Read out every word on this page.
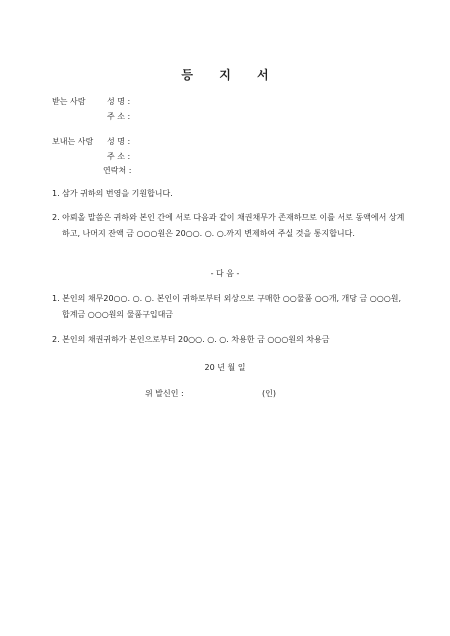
등 지 서
받는 사람	성 명 :
주 소 :
보내는 사람 성 명 :
주 소 :
연락처 :
1. 삼가 귀하의 번영을 기원합니다.
2. 아뢰올 말씀은 귀하와 본인 간에 서로 다음과 같이 채권채무가 존재하므로 이를 서로 동액에서 상계하고, 나머지 잔액 금 ○○○원은 20○○. ○. ○.까지 변제하여 주실 것을 통지합니다.
- 다 음 -
1. 본인의 채무20○○. ○. ○. 본인이 귀하로부터 외상으로 구매한 ○○물품 ○○개, 개당 금 ○○○원, 합계금 ○○○원의 물품구입대금
2. 본인의 채권귀하가 본인으로부터 20○○. ○. ○. 차용한 금 ○○○원의 차용금
20 년 월 일
위 발신인 :	(인)
